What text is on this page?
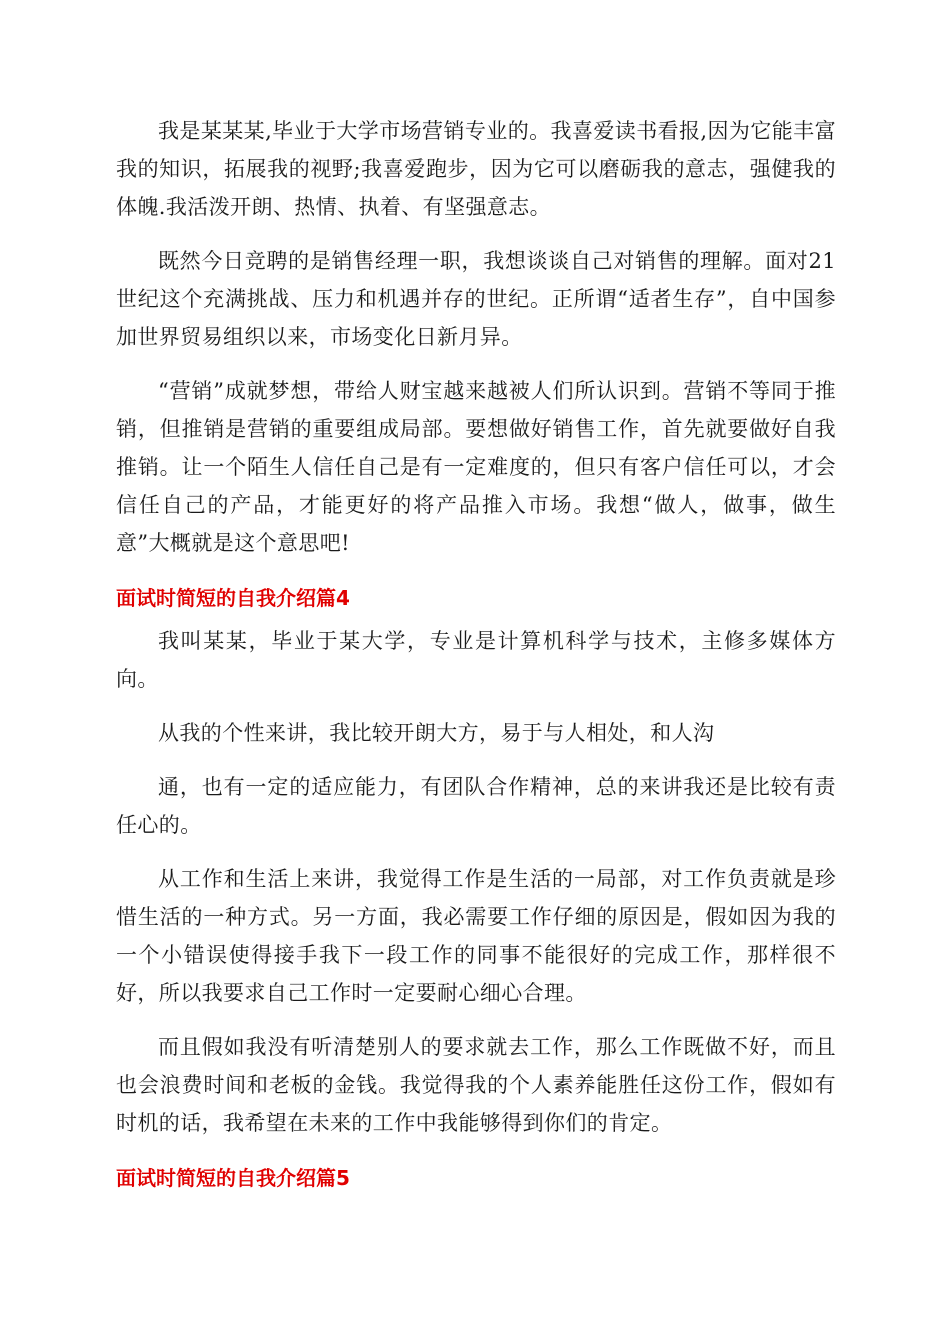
我是某某某,毕业于大学市场营销专业的。我喜爱读书看报,因为它能丰富我的知识，拓展我的视野;我喜爱跑步，因为它可以磨砺我的意志，强健我的体魄.我活泼开朗、热情、执着、有坚强意志。

既然今日竞聘的是销售经理一职，我想谈谈自己对销售的理解。面对21世纪这个充满挑战、压力和机遇并存的世纪。正所谓“适者生存”，自中国参加世界贸易组织以来，市场变化日新月异。

“营销”成就梦想，带给人财宝越来越被人们所认识到。营销不等同于推销，但推销是营销的重要组成局部。要想做好销售工作，首先就要做好自我推销。让一个陌生人信任自己是有一定难度的，但只有客户信任可以，才会信任自己的产品，才能更好的将产品推入市场。我想“做人，做事，做生意”大概就是这个意思吧!

面试时简短的自我介绍篇4

我叫某某，毕业于某大学，专业是计算机科学与技术，主修多媒体方向。

从我的个性来讲，我比较开朗大方，易于与人相处，和人沟

通，也有一定的适应能力，有团队合作精神，总的来讲我还是比较有责任心的。

从工作和生活上来讲，我觉得工作是生活的一局部，对工作负责就是珍惜生活的一种方式。另一方面，我必需要工作仔细的原因是，假如因为我的一个小错误使得接手我下一段工作的同事不能很好的完成工作，那样很不好，所以我要求自己工作时一定要耐心细心合理。

而且假如我没有听清楚别人的要求就去工作，那么工作既做不好，而且也会浪费时间和老板的金钱。我觉得我的个人素养能胜任这份工作，假如有时机的话，我希望在未来的工作中我能够得到你们的肯定。

面试时简短的自我介绍篇5
